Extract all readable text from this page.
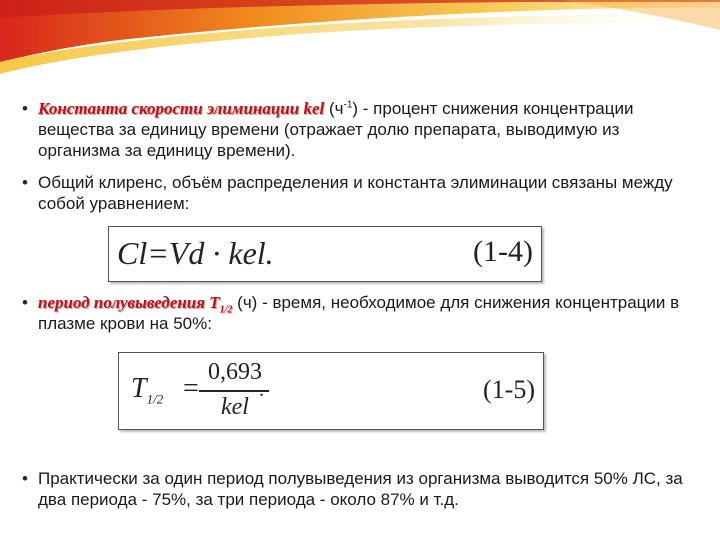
• Константа скорости элиминации kel $(ч^{-1})$ - процент снижения концентрации вещества за единицу времени (отражает долю препарата, выводимую из организма за единицу времени).
• Общий клиренс, объём распределения и константа элиминации связаны между собой уравнением:
Cl=Vd · kel.	(1-4)
• период полувыведения $T_{1/2}$ (ч) - время, необходимое для снижения концентрации в плазме крови на 50%:
$T_{1/2}$ =
0,693
kel
.	(1-5)
• Практически за один период полувыведения из организма выводится 50% ЛС, за два периода - 75%, за три периода - около 87% и т.д.
